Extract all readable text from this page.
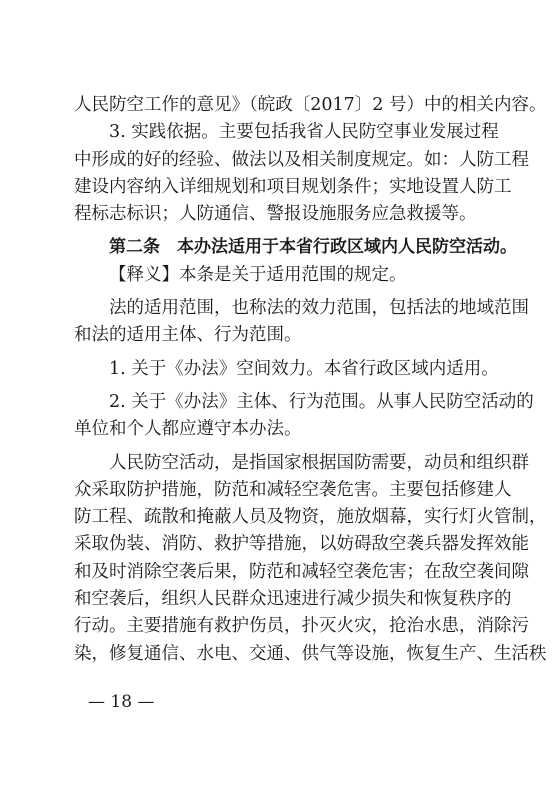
人民防空工作的意见》（皖政〔2017〕2 号）中的相关内容。
3. 实践依据。主要包括我省人民防空事业发展过程
中形成的好的经验、做法以及相关制度规定。如：人防工程
建设内容纳入详细规划和项目规划条件；实地设置人防工
程标志标识；人防通信、警报设施服务应急救援等。
第二条　本办法适用于本省行政区域内人民防空活动。
【释义】本条是关于适用范围的规定。
法的适用范围，也称法的效力范围，包括法的地域范围
和法的适用主体、行为范围。
1. 关于《办法》空间效力。本省行政区域内适用。
2. 关于《办法》主体、行为范围。从事人民防空活动的
单位和个人都应遵守本办法。
人民防空活动，是指国家根据国防需要，动员和组织群
众采取防护措施，防范和减轻空袭危害。主要包括修建人
防工程、疏散和掩蔽人员及物资，施放烟幕，实行灯火管制，
采取伪装、消防、救护等措施，以妨碍敌空袭兵器发挥效能
和及时消除空袭后果，防范和减轻空袭危害；在敌空袭间隙
和空袭后，组织人民群众迅速进行减少损失和恢复秩序的
行动。主要措施有救护伤员，扑灭火灾，抢治水患，消除污
染，修复通信、水电、交通、供气等设施，恢复生产、生活秩
— 18 —
